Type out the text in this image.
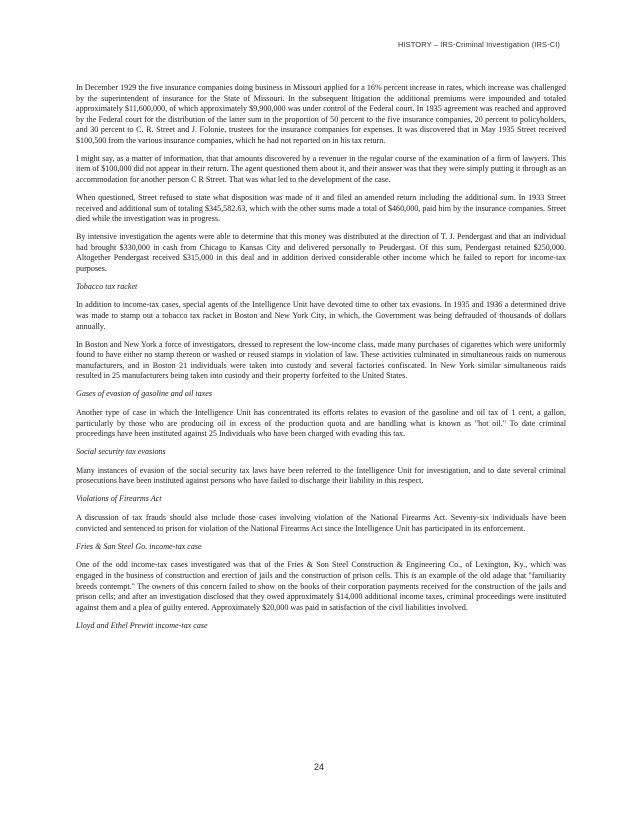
HISTORY – IRS-Criminal Investigation (IRS-CI)

In December 1929 the five insurance companies doing business in Missouri applied for a 16% percent increase in rates, which increase was challenged by the superintendent of insurance for the State of Missouri. In the subsequent litigation the additional premiums were impounded and totaled approximately $11,600,000, of which approximately $9,900,000 was under control of the Federal court. In 1935 agreement was reached and approved by the Federal court for the distribution of the latter sum in the proportion of 50 percent to the five insurance companies, 20 percent to policyholders, and 30 percent to C. R. Street and J. Folonie, trustees for the insurance companies for expenses. It was discovered that in May 1935 Street received $100,500 from the various insurance companies, which he had not reported on in his tax return.

I might say, as a matter of information, that that amounts discovered by a revenuer in the regular course of the examination of a firm of lawyers. This item of $100,000 did not appear in their return. The agent questioned them about it, and their answer was that they were simply putting it through as an accommodation for another person C R Street. That was what led to the development of the case.

When questioned, Street refused to state what disposition was made of it and filed an amended return including the additional sum. In 1933 Street received and additional sum of totaling $345,582.63, which with the other sums made a total of $460,000, paid him by the insurance companies. Street died while the investigation was in progress.

By intensive investigation the agents were able to determine that this money was distributed at the direction of T. J. Pendergast and that an individual had brought $330,000 in cash from Chicago to Kansas City and delivered personally to Peudergast. Of this sum, Pendergast retained $250,000. Altogether Pendergast received $315,000 in this deal and in addition derived considerable other income which he failed to report for income-tax purposes.

Tobacco tax racket

In addition to income-tax cases, special agents of the Intelligence Unit have devoted time to other tax evasions. In 1935 and 1936 a determined drive was made to stamp out a tobacco tax racket in Boston and New York City, in which, the Government was being defrauded of thousands of dollars annually.

In Boston and New York a force of investigators, dressed to represent the low-income class, made many purchases of cigarettes which were uniformly found to have either no stamp thereon or washed or reused stamps in violation of law. These activities culminated in simultaneous raids on numerous manufacturers, and in Boston 21 individuals were taken into custody and several factories confiscated. In New York similar simultaneous raids resulted in 25 manufacturers being taken into custody and their property forfeited to the United States.

Gases of evasion of gasoline and oil taxes

Another type of case in which the Intelligence Unit has concentrated its efforts relates to evasion of the gasoline and oil tax of 1 cent, a gallon, particularly by those who are producing oil in excess of the production quota and are handling what is known as "hot oil." To date criminal proceedings have been instituted against 25 Individuals who have been charged with evading this tax.

Social security tax evasions

Many instances of evasion of the social security tax laws have been referred to the Intelligence Unit for investigation, and to date several criminal prosecutions have been instituted against persons who have failed to discharge their liability in this respect.

Violations of Firearms Act

A discussion of tax frauds should also include those cases involving violation of the National Firearms Act. Seventy-six individuals have been convicted and sentenced to prison for violation of the National Firearms Act since the Intelligence Unit has participated in its enforcement.

Fries & San Steel Go. income-tax case

One of the odd income-tax cases investigated was that of the Fries & Son Steel Construction & Engineering Co., of Lexington, Ky., which was engaged in the business of construction and erection of jails and the construction of prison cells. This is an example of the old adage that "familiarity breeds contempt." The owners of this concern failed to show on the books of their corporation payments received for the construction of the jails and prison cells; and after an investigation disclosed that they owed approximately $14,000 additional income taxes, criminal proceedings were instituted against them and a plea of guilty entered. Approximately $20,000 was paid in satisfaction of the civil liabilities involved.

Lloyd and Ethel Prewitt income-tax case

24
